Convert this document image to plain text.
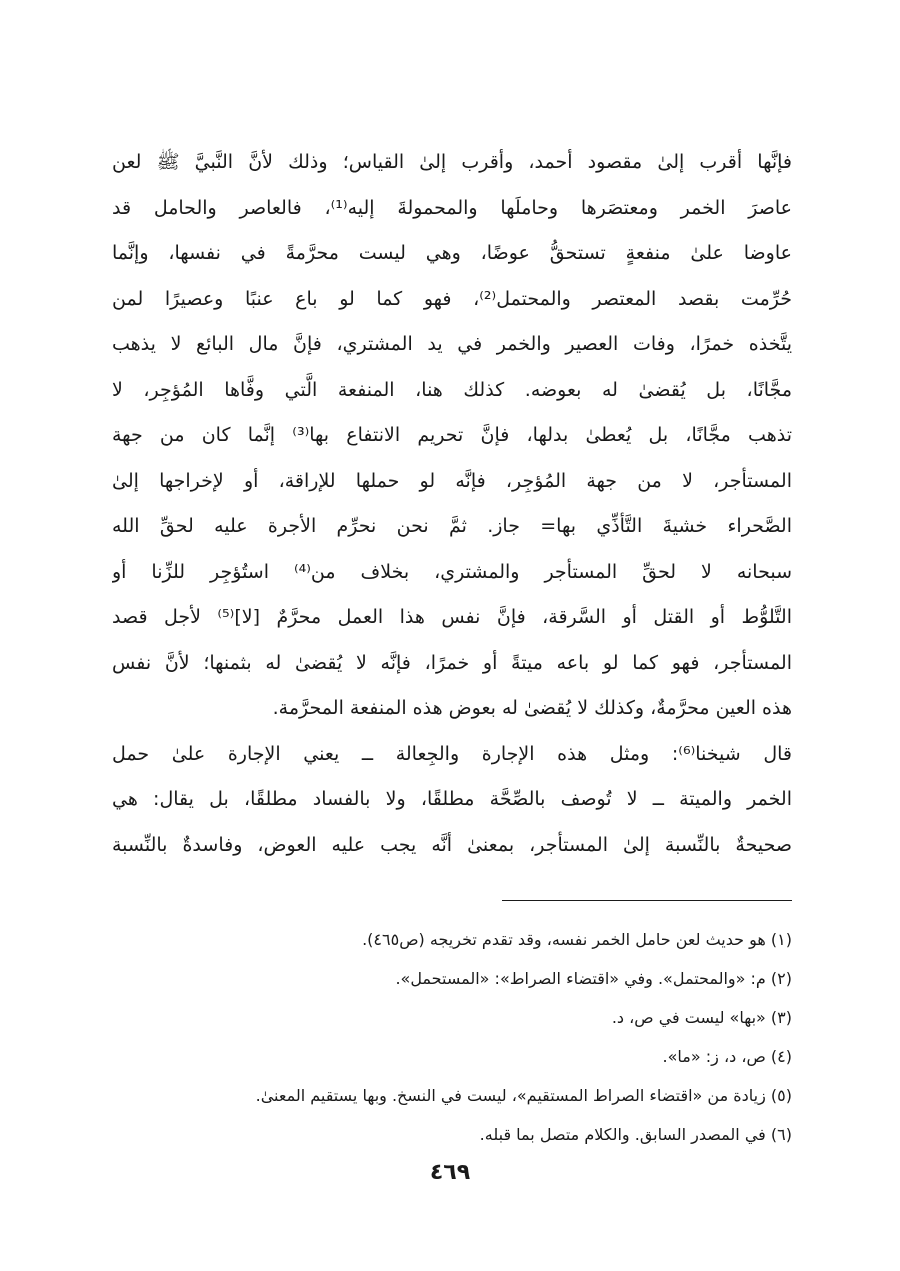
فإنَّها أقرب إلىٰ مقصود أحمد، وأقرب إلىٰ القياس؛ وذلك لأنَّ النَّبيَّ ﷺ لعن
عاصرَ الخمر ومعتصَرها وحاملَها والمحمولةَ إليه⁽¹⁾، فالعاصر والحامل قد
عاوضا علىٰ منفعةٍ تستحقُّ عوضًا، وهي ليست محرَّمةً في نفسها، وإنَّما
حُرِّمت بقصد المعتصر والمحتمل⁽²⁾، فهو كما لو باع عنبًا وعصيرًا لمن
يتَّخذه خمرًا، وفات العصير والخمر في يد المشتري، فإنَّ مال البائع لا يذهب
مجَّانًا، بل يُقضىٰ له بعوضه. كذلك هنا، المنفعة الَّتي وفَّاها المُؤجِر، لا
تذهب مجَّانًا، بل يُعطىٰ بدلها، فإنَّ تحريم الانتفاع بها⁽³⁾ إنَّما كان من جهة
المستأجر، لا من جهة المُؤجِر، فإنَّه لو حملها للإراقة، أو لإخراجها إلىٰ
الصَّحراء خشيةَ التَّأذِّي بها= جاز. ثمَّ نحن نحرِّم الأجرة عليه لحقِّ الله
سبحانه لا لحقِّ المستأجر والمشتري، بخلاف من⁽⁴⁾ استُؤجِر للزِّنا أو
التَّلوُّط أو القتل أو السَّرقة، فإنَّ نفس هذا العمل محرَّمٌ [لا]⁽⁵⁾ لأجل قصد
المستأجر، فهو كما لو باعه ميتةً أو خمرًا، فإنَّه لا يُقضىٰ له بثمنها؛ لأنَّ نفس
هذه العين محرَّمةٌ، وكذلك لا يُقضىٰ له بعوض هذه المنفعة المحرَّمة.
قال شيخنا⁽⁶⁾: ومثل هذه الإجارة والجِعالة ــ يعني الإجارة علىٰ حمل
الخمر والميتة ــ لا تُوصف بالصِّحَّة مطلقًا، ولا بالفساد مطلقًا، بل يقال: هي
صحيحةٌ بالنِّسبة إلىٰ المستأجر، بمعنىٰ أنَّه يجب عليه العوض، وفاسدةٌ بالنِّسبة
(١) هو حديث لعن حامل الخمر نفسه، وقد تقدم تخريجه (ص٤٦٥).
(٢) م: «والمحتمل». وفي «اقتضاء الصراط»: «المستحمل».
(٣) «بها» ليست في ص، د.
(٤) ص، د، ز: «ما».
(٥) زيادة من «اقتضاء الصراط المستقيم»، ليست في النسخ. وبها يستقيم المعنىٰ.
(٦) في المصدر السابق. والكلام متصل بما قبله.
٤٦٩
